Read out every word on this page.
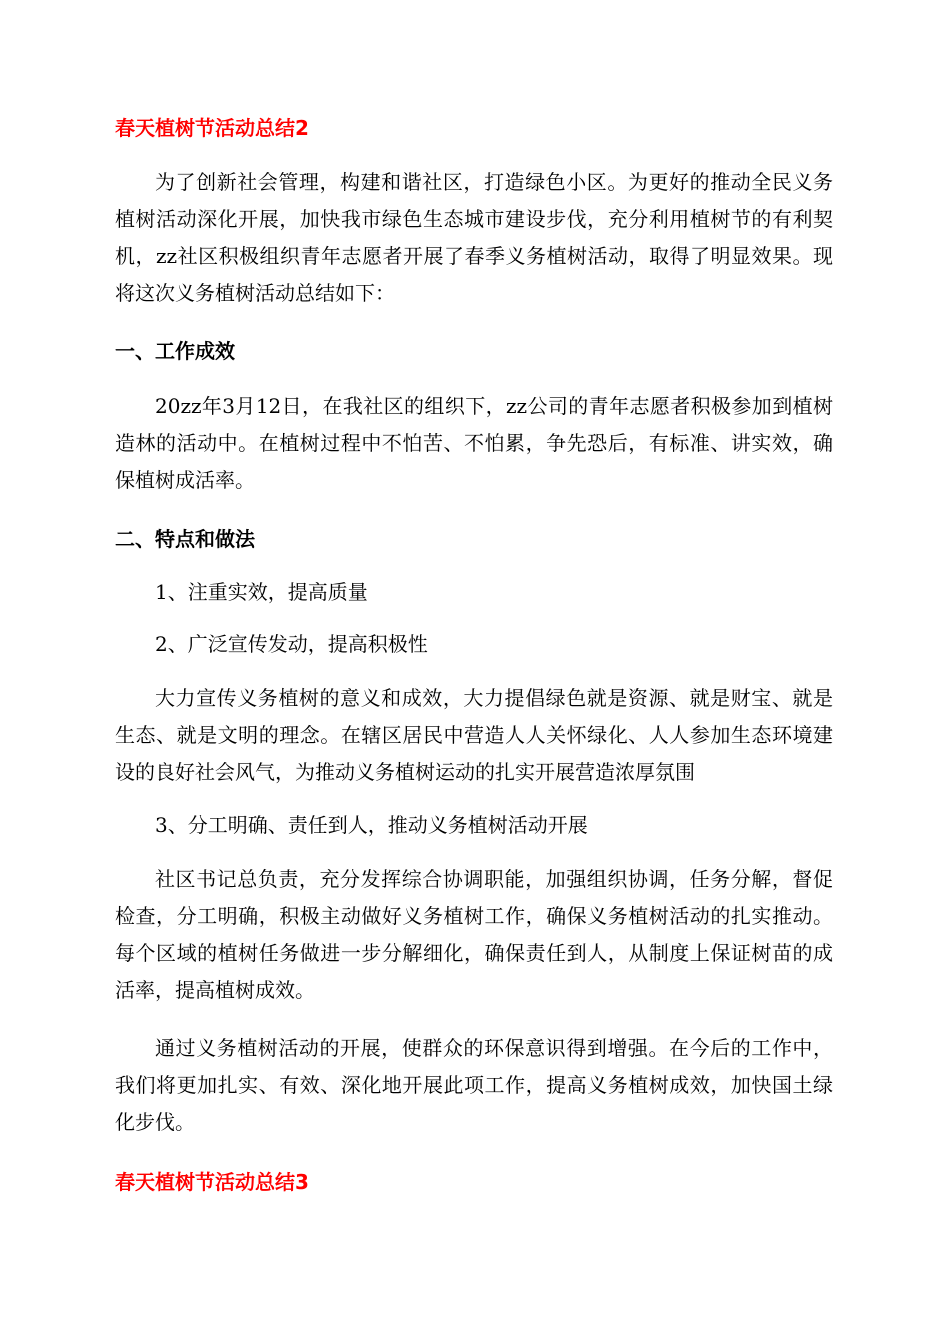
春天植树节活动总结2

为了创新社会管理，构建和谐社区，打造绿色小区。为更好的推动全民义务植树活动深化开展，加快我市绿色生态城市建设步伐，充分利用植树节的有利契机，zz社区积极组织青年志愿者开展了春季义务植树活动，取得了明显效果。现将这次义务植树活动总结如下：

一、工作成效

20zz年3月12日，在我社区的组织下，zz公司的青年志愿者积极参加到植树造林的活动中。在植树过程中不怕苦、不怕累，争先恐后，有标准、讲实效，确保植树成活率。

二、特点和做法

1、注重实效，提高质量

2、广泛宣传发动，提高积极性

大力宣传义务植树的意义和成效，大力提倡绿色就是资源、就是财宝、就是生态、就是文明的理念。在辖区居民中营造人人关怀绿化、人人参加生态环境建设的良好社会风气，为推动义务植树运动的扎实开展营造浓厚氛围

3、分工明确、责任到人，推动义务植树活动开展

社区书记总负责，充分发挥综合协调职能，加强组织协调，任务分解，督促检查，分工明确，积极主动做好义务植树工作，确保义务植树活动的扎实推动。每个区域的植树任务做进一步分解细化，确保责任到人，从制度上保证树苗的成活率，提高植树成效。

通过义务植树活动的开展，使群众的环保意识得到增强。在今后的工作中，我们将更加扎实、有效、深化地开展此项工作，提高义务植树成效，加快国土绿化步伐。

春天植树节活动总结3
